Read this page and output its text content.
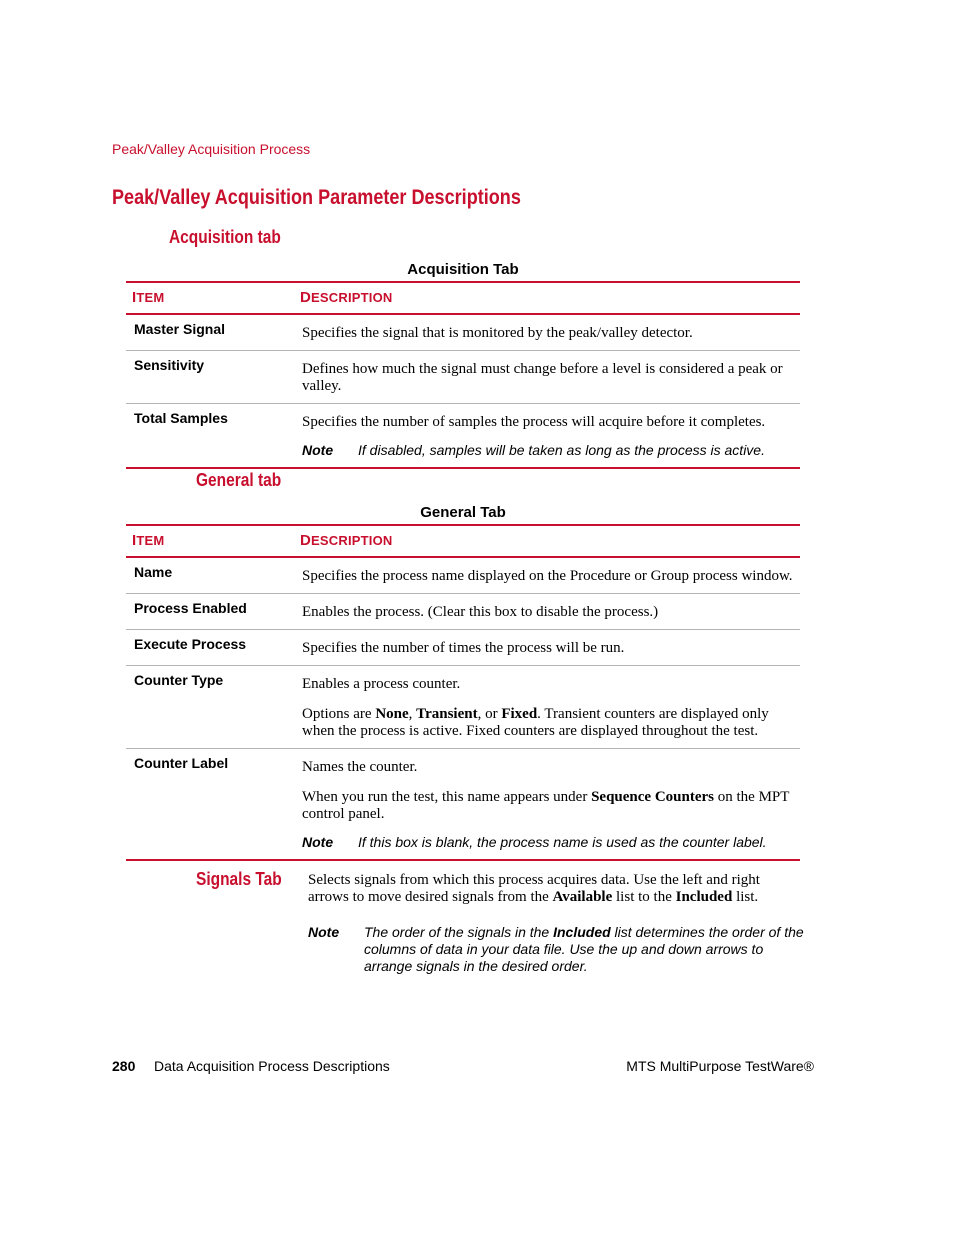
Peak/Valley Acquisition Process
Peak/Valley Acquisition Parameter Descriptions
Acquisition tab
Acquisition Tab
ITEM	DESCRIPTION
Master Signal	Specifies the signal that is monitored by the peak/valley detector.
Sensitivity	Defines how much the signal must change before a level is considered a peak or valley.
Total Samples	Specifies the number of samples the process will acquire before it completes.

Note If disabled, samples will be taken as long as the process is active.
General tab
General Tab
ITEM	DESCRIPTION
Name	Specifies the process name displayed on the Procedure or Group process window.
Process Enabled	Enables the process. (Clear this box to disable the process.)
Execute Process	Specifies the number of times the process will be run.
Counter Type	Enables a process counter.

Options are None, Transient, or Fixed. Transient counters are displayed only when the process is active. Fixed counters are displayed throughout the test.

Counter Label	Names the counter.

When you run the test, this name appears under Sequence Counters on the MPT control panel.

Note If this box is blank, the process name is used as the counter label.
Signals Tab Selects signals from which this process acquires data. Use the left and right arrows to move desired signals from the Available list to the Included list.
Note The order of the signals in the Included list determines the order of the columns of data in your data file. Use the up and down arrows to arrange signals in the desired order.
280 Data Acquisition Process Descriptions	MTS MultiPurpose TestWare®
